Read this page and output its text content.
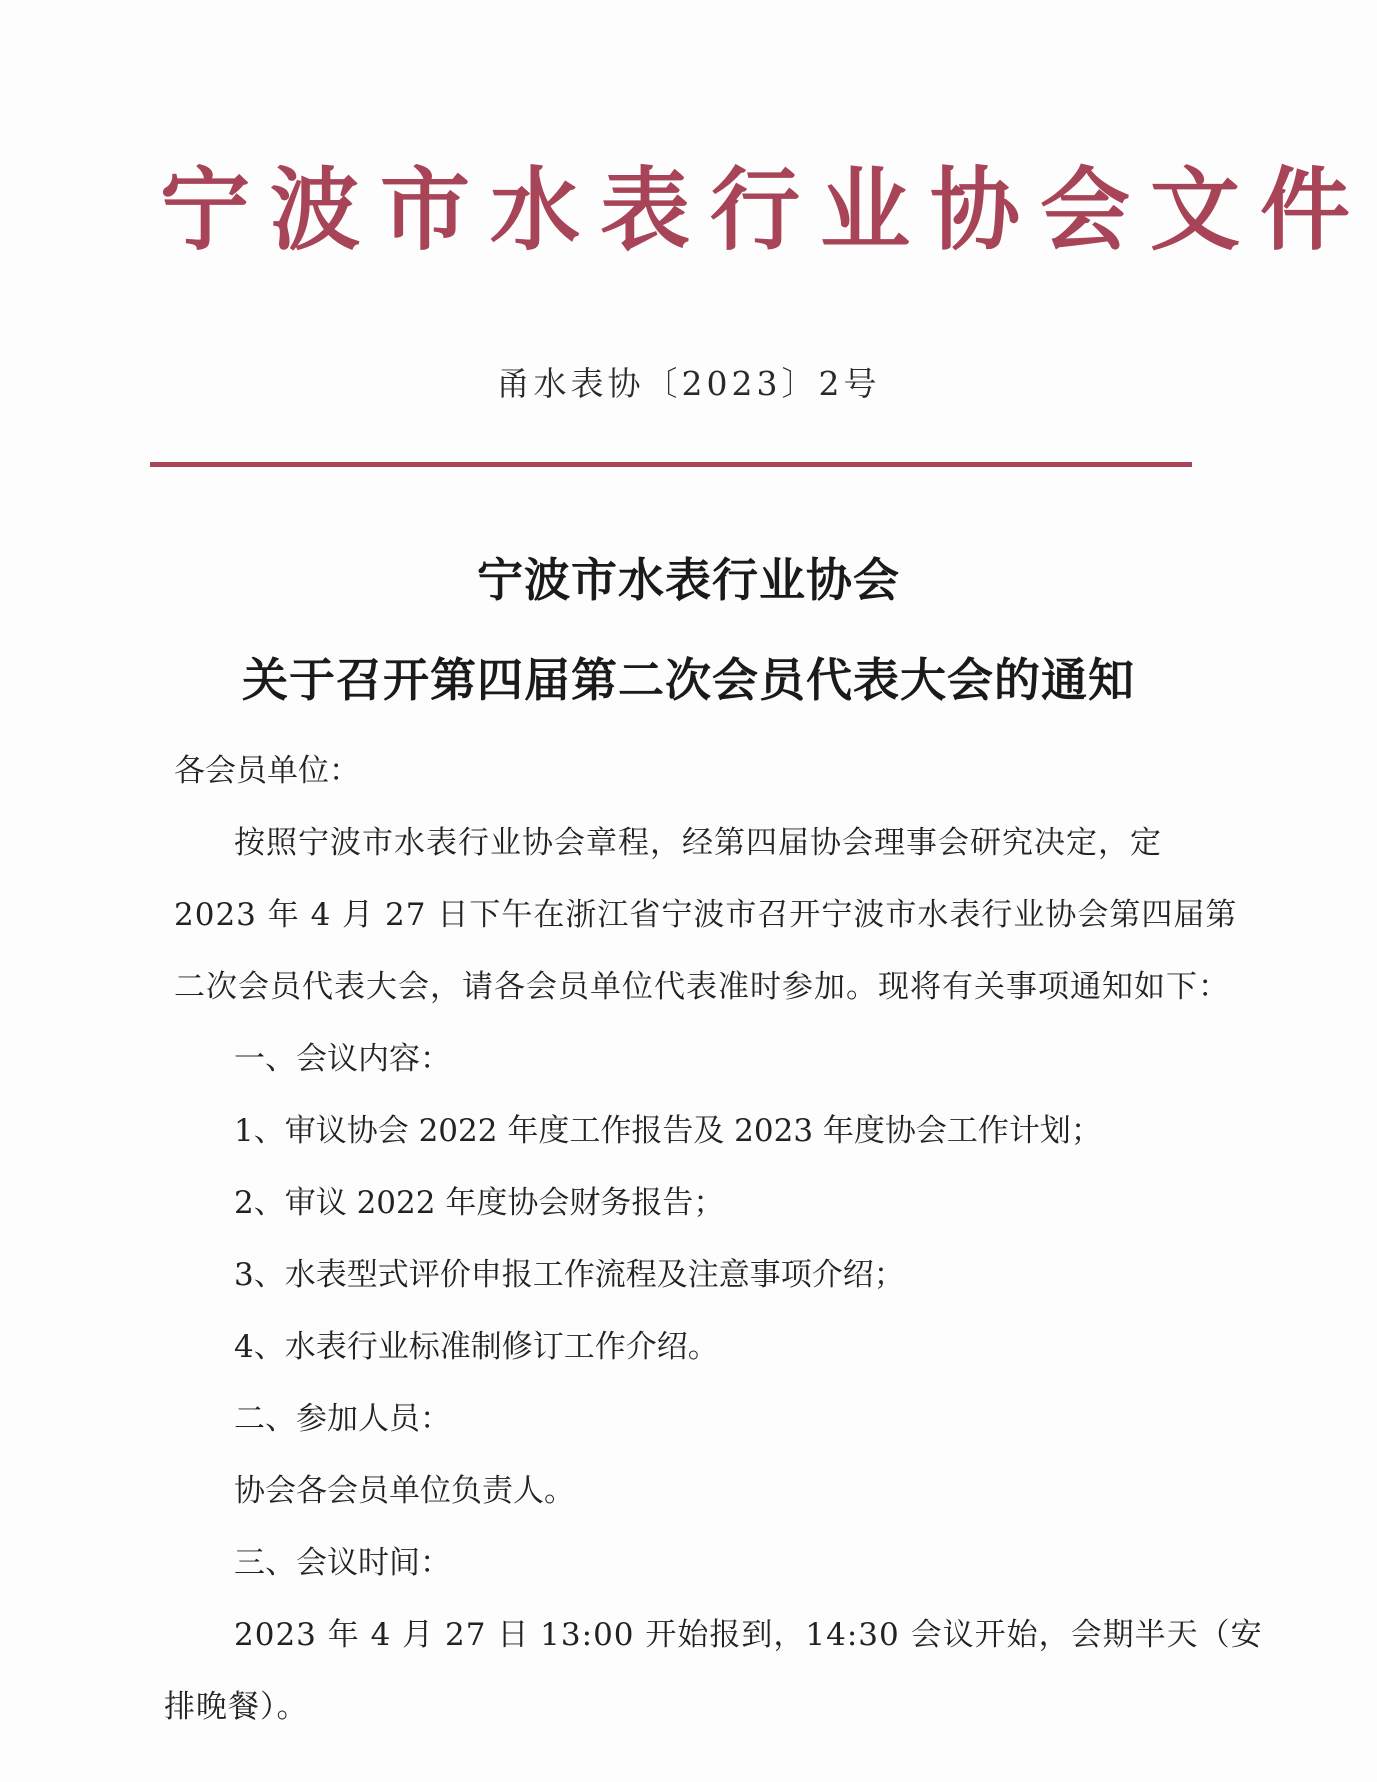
宁波市水表行业协会文件
甬水表协〔2023〕2号
宁波市水表行业协会
关于召开第四届第二次会员代表大会的通知
各会员单位：
按照宁波市水表行业协会章程，经第四届协会理事会研究决定，定
2023 年 4 月 27 日下午在浙江省宁波市召开宁波市水表行业协会第四届第
二次会员代表大会，请各会员单位代表准时参加。现将有关事项通知如下：
一、会议内容：
1、审议协会 2022 年度工作报告及 2023 年度协会工作计划；
2、审议 2022 年度协会财务报告；
3、水表型式评价申报工作流程及注意事项介绍；
4、水表行业标准制修订工作介绍。
二、参加人员：
协会各会员单位负责人。
三、会议时间：
2023 年 4 月 27 日 13:00 开始报到，14:30 会议开始，会期半天（安
排晚餐）。
